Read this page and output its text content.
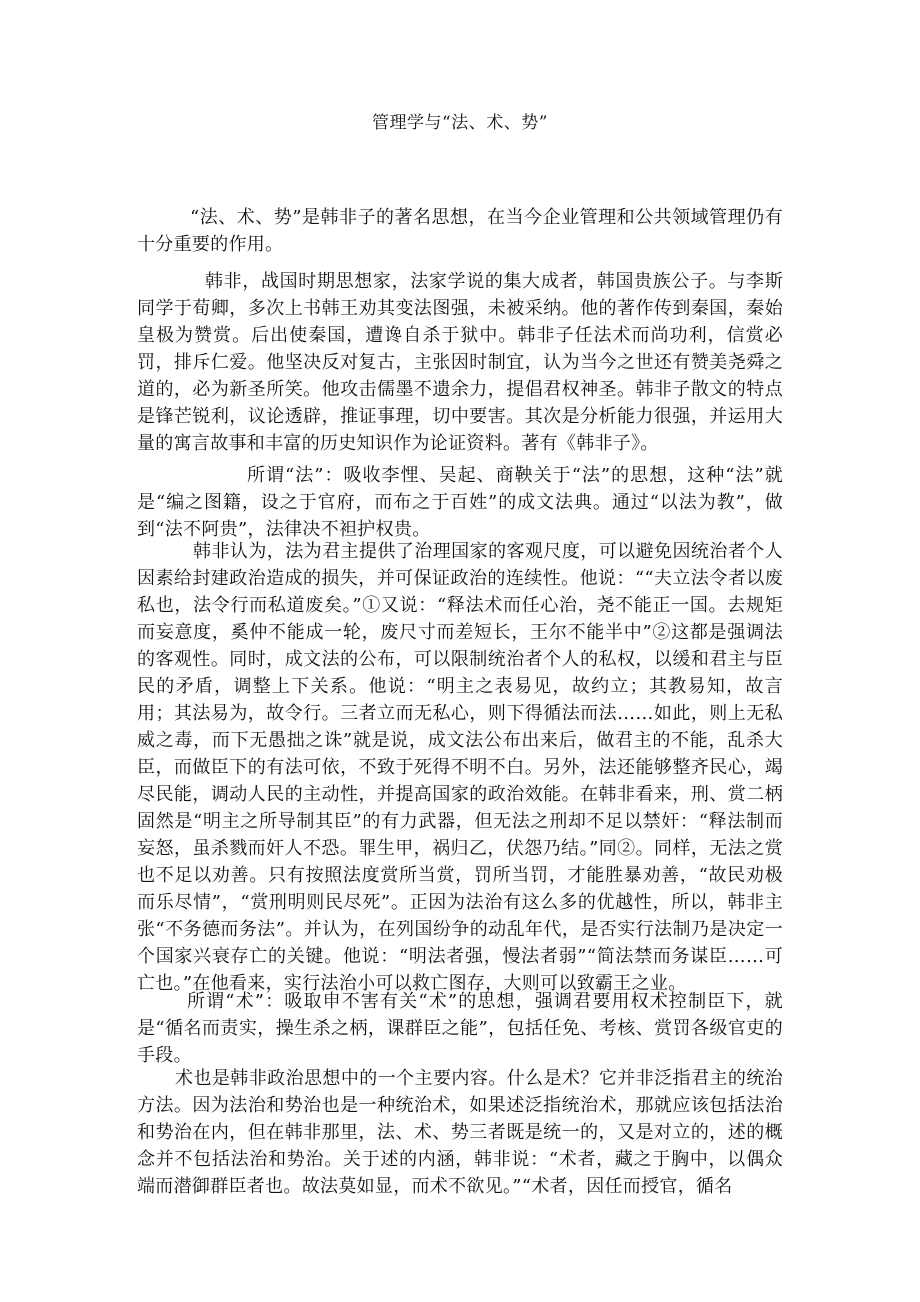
管理学与“法、术、势”

“法、术、势”是韩非子的著名思想，在当今企业管理和公共领域管理仍有十分重要的作用。

韩非，战国时期思想家，法家学说的集大成者，韩国贵族公子。与李斯同学于荀卿，多次上书韩王劝其变法图强，未被采纳。他的著作传到秦国，秦始皇极为赞赏。后出使秦国，遭谗自杀于狱中。韩非子任法术而尚功利，信赏必罚，排斥仁爱。他坚决反对复古，主张因时制宜，认为当今之世还有赞美尧舜之道的，必为新圣所笑。他攻击儒墨不遗余力，提倡君权神圣。韩非子散文的特点是锋芒锐利，议论透辟，推证事理，切中要害。其次是分析能力很强，并运用大量的寓言故事和丰富的历史知识作为论证资料。著有《韩非子》。

所谓“法”：吸收李悝、吴起、商鞅关于“法”的思想，这种“法”就是“编之图籍，设之于官府，而布之于百姓”的成文法典。通过“以法为教”，做到“法不阿贵”，法律决不袒护权贵。

韩非认为，法为君主提供了治理国家的客观尺度，可以避免因统治者个人因素给封建政治造成的损失，并可保证政治的连续性。他说：““夫立法令者以废私也，法令行而私道废矣。”①又说：“释法术而任心治，尧不能正一国。去规矩而妄意度，奚仲不能成一轮，废尺寸而差短长，王尔不能半中”②这都是强调法的客观性。同时，成文法的公布，可以限制统治者个人的私权，以缓和君主与臣民的矛盾，调整上下关系。他说：“明主之表易见，故约立；其教易知，故言用；其法易为，故令行。三者立而无私心，则下得循法而法……如此，则上无私威之毒，而下无愚拙之诛”就是说，成文法公布出来后，做君主的不能，乱杀大臣，而做臣下的有法可依，不致于死得不明不白。另外，法还能够整齐民心，竭尽民能，调动人民的主动性，并提高国家的政治效能。在韩非看来，刑、赏二柄固然是“明主之所导制其臣”的有力武器，但无法之刑却不足以禁奸：“释法制而妄怒，虽杀戮而奸人不恐。罪生甲，祸归乙，伏怨乃结。”同②。同样，无法之赏也不足以劝善。只有按照法度赏所当赏，罚所当罚，才能胜暴劝善，“故民劝极而乐尽情”，“赏刑明则民尽死”。正因为法治有这么多的优越性，所以，韩非主张“不务德而务法”。并认为，在列国纷争的动乱年代，是否实行法制乃是决定一个国家兴衰存亡的关键。他说：“明法者强，慢法者弱”“简法禁而务谋臣……可亡也。”在他看来，实行法治小可以救亡图存，大则可以致霸王之业。

所谓“术”：吸取申不害有关“术”的思想，强调君要用权术控制臣下，就是“循名而责实，操生杀之柄，课群臣之能”，包括任免、考核、赏罚各级官吏的手段。

术也是韩非政治思想中的一个主要内容。什么是术？它并非泛指君主的统治方法。因为法治和势治也是一种统治术，如果述泛指统治术，那就应该包括法治和势治在内，但在韩非那里，法、术、势三者既是统一的，又是对立的，述的概念并不包括法治和势治。关于述的内涵，韩非说：“术者，藏之于胸中，以偶众端而潜御群臣者也。故法莫如显，而术不欲见。”“术者，因任而授官，循名
